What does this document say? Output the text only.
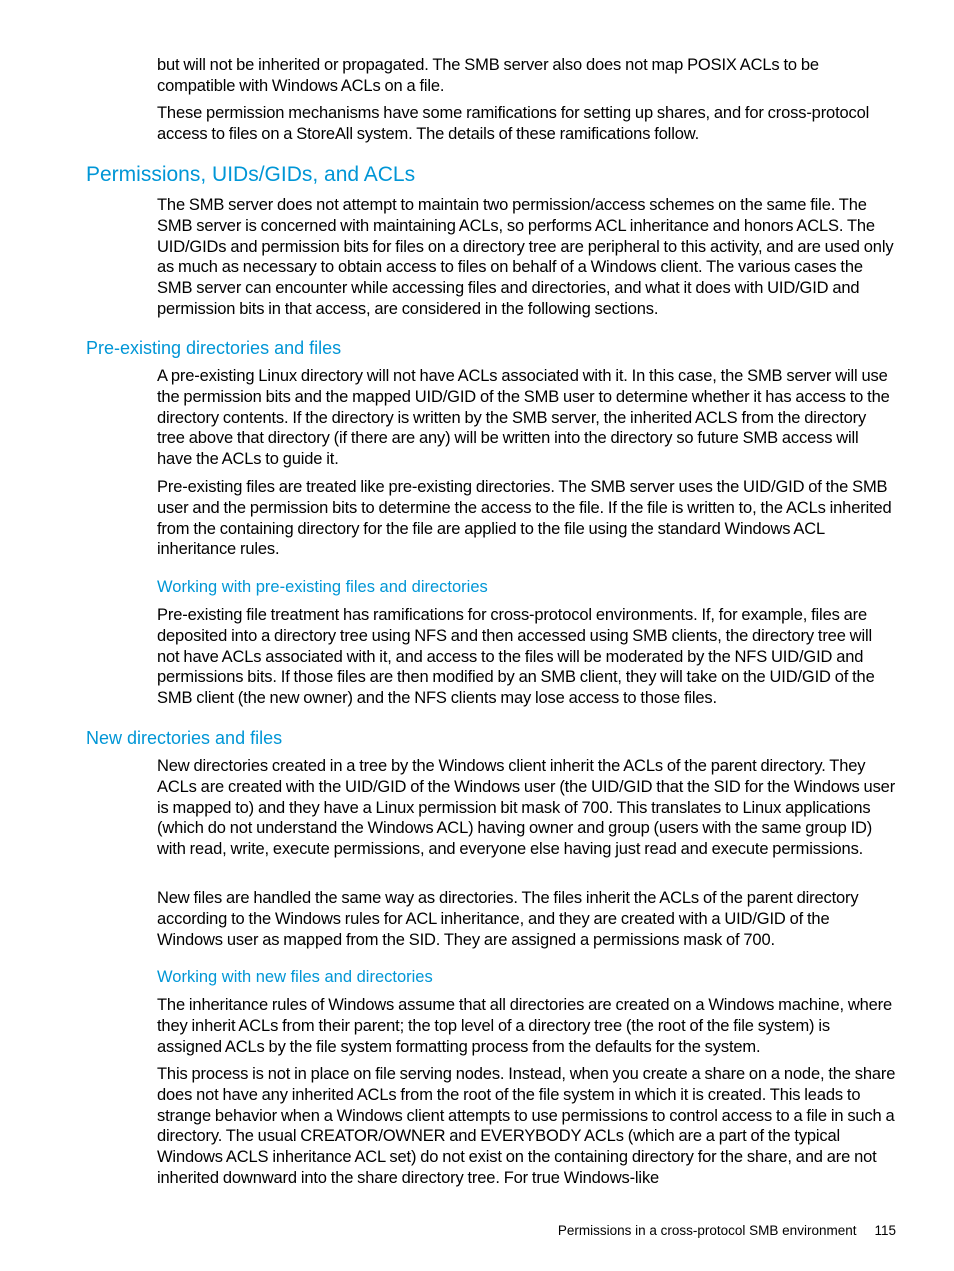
but will not be inherited or propagated. The SMB server also does not map POSIX ACLs to be compatible with Windows ACLs on a file.

These permission mechanisms have some ramifications for setting up shares, and for cross-protocol access to files on a StoreAll system. The details of these ramifications follow.

Permissions, UIDs/GIDs, and ACLs

The SMB server does not attempt to maintain two permission/access schemes on the same file. The SMB server is concerned with maintaining ACLs, so performs ACL inheritance and honors ACLS. The UID/GIDs and permission bits for files on a directory tree are peripheral to this activity, and are used only as much as necessary to obtain access to files on behalf of a Windows client. The various cases the SMB server can encounter while accessing files and directories, and what it does with UID/GID and permission bits in that access, are considered in the following sections.

Pre-existing directories and files

A pre-existing Linux directory will not have ACLs associated with it. In this case, the SMB server will use the permission bits and the mapped UID/GID of the SMB user to determine whether it has access to the directory contents. If the directory is written by the SMB server, the inherited ACLS from the directory tree above that directory (if there are any) will be written into the directory so future SMB access will have the ACLs to guide it.

Pre-existing files are treated like pre-existing directories. The SMB server uses the UID/GID of the SMB user and the permission bits to determine the access to the file. If the file is written to, the ACLs inherited from the containing directory for the file are applied to the file using the standard Windows ACL inheritance rules.

Working with pre-existing files and directories

Pre-existing file treatment has ramifications for cross-protocol environments. If, for example, files are deposited into a directory tree using NFS and then accessed using SMB clients, the directory tree will not have ACLs associated with it, and access to the files will be moderated by the NFS UID/GID and permissions bits. If those files are then modified by an SMB client, they will take on the UID/GID of the SMB client (the new owner) and the NFS clients may lose access to those files.

New directories and files

New directories created in a tree by the Windows client inherit the ACLs of the parent directory. They ACLs are created with the UID/GID of the Windows user (the UID/GID that the SID for the Windows user is mapped to) and they have a Linux permission bit mask of 700. This translates to Linux applications (which do not understand the Windows ACL) having owner and group (users with the same group ID) with read, write, execute permissions, and everyone else having just read and execute permissions.

New files are handled the same way as directories. The files inherit the ACLs of the parent directory according to the Windows rules for ACL inheritance, and they are created with a UID/GID of the Windows user as mapped from the SID. They are assigned a permissions mask of 700.

Working with new files and directories

The inheritance rules of Windows assume that all directories are created on a Windows machine, where they inherit ACLs from their parent; the top level of a directory tree (the root of the file system) is assigned ACLs by the file system formatting process from the defaults for the system.

This process is not in place on file serving nodes. Instead, when you create a share on a node, the share does not have any inherited ACLs from the root of the file system in which it is created. This leads to strange behavior when a Windows client attempts to use permissions to control access to a file in such a directory. The usual CREATOR/OWNER and EVERYBODY ACLs (which are a part of the typical Windows ACLS inheritance ACL set) do not exist on the containing directory for the share, and are not inherited downward into the share directory tree. For true Windows-like

Permissions in a cross-protocol SMB environment 115
